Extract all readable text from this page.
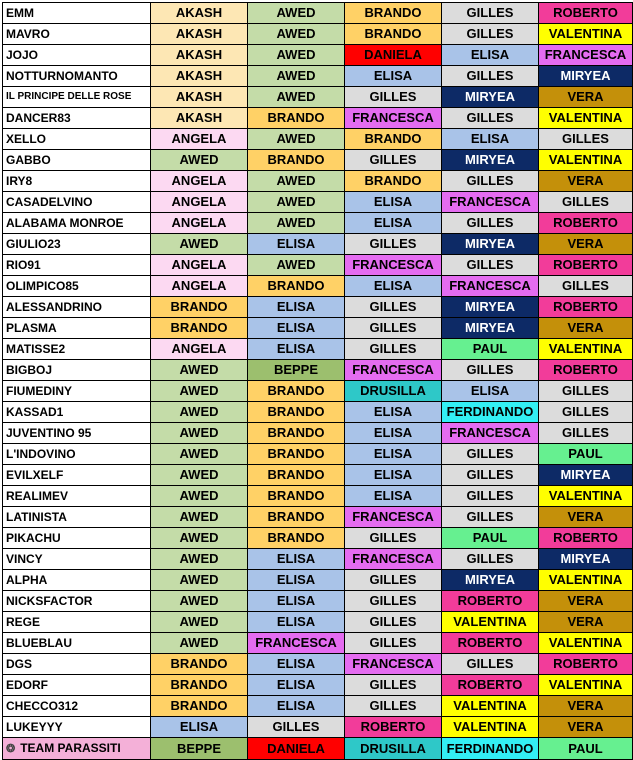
EMM	AKASH	AWED	BRANDO	GILLES	ROBERTO
MAVRO	AKASH	AWED	BRANDO	GILLES	VALENTINA
JOJO	AKASH	AWED	DANIELA	ELISA	FRANCESCA
NOTTURNOMANTO	AKASH	AWED	ELISA	GILLES	MIRYEA
IL PRINCIPE DELLE ROSE	AKASH	AWED	GILLES	MIRYEA	VERA
DANCER83	AKASH	BRANDO	FRANCESCA	GILLES	VALENTINA
XELLO	ANGELA	AWED	BRANDO	ELISA	GILLES
GABBO	AWED	BRANDO	GILLES	MIRYEA	VALENTINA
IRY8	ANGELA	AWED	BRANDO	GILLES	VERA
CASADELVINO	ANGELA	AWED	ELISA	FRANCESCA	GILLES
ALABAMA MONROE	ANGELA	AWED	ELISA	GILLES	ROBERTO
GIULIO23	AWED	ELISA	GILLES	MIRYEA	VERA
RIO91	ANGELA	AWED	FRANCESCA	GILLES	ROBERTO
OLIMPICO85	ANGELA	BRANDO	ELISA	FRANCESCA	GILLES
ALESSANDRINO	BRANDO	ELISA	GILLES	MIRYEA	ROBERTO
PLASMA	BRANDO	ELISA	GILLES	MIRYEA	VERA
MATISSE2	ANGELA	ELISA	GILLES	PAUL	VALENTINA
BIGBOJ	AWED	BEPPE	FRANCESCA	GILLES	ROBERTO
FIUMEDINY	AWED	BRANDO	DRUSILLA	ELISA	GILLES
KASSAD1	AWED	BRANDO	ELISA	FERDINANDO	GILLES
JUVENTINO 95	AWED	BRANDO	ELISA	FRANCESCA	GILLES
L'INDOVINO	AWED	BRANDO	ELISA	GILLES	PAUL
EVILXELF	AWED	BRANDO	ELISA	GILLES	MIRYEA
REALIMEV	AWED	BRANDO	ELISA	GILLES	VALENTINA
LATINISTA	AWED	BRANDO	FRANCESCA	GILLES	VERA
PIKACHU	AWED	BRANDO	GILLES	PAUL	ROBERTO
VINCY	AWED	ELISA	FRANCESCA	GILLES	MIRYEA
ALPHA	AWED	ELISA	GILLES	MIRYEA	VALENTINA
NICKSFACTOR	AWED	ELISA	GILLES	ROBERTO	VERA
REGE	AWED	ELISA	GILLES	VALENTINA	VERA
BLUEBLAU	AWED	FRANCESCA	GILLES	ROBERTO	VALENTINA
DGS	BRANDO	ELISA	FRANCESCA	GILLES	ROBERTO
EDORF	BRANDO	ELISA	GILLES	ROBERTO	VALENTINA
CHECCO312	BRANDO	ELISA	GILLES	VALENTINA	VERA
LUKEYYY	ELISA	GILLES	ROBERTO	VALENTINA	VERA
❂ TEAM PARASSITI	BEPPE	DANIELA	DRUSILLA	FERDINANDO	PAUL
